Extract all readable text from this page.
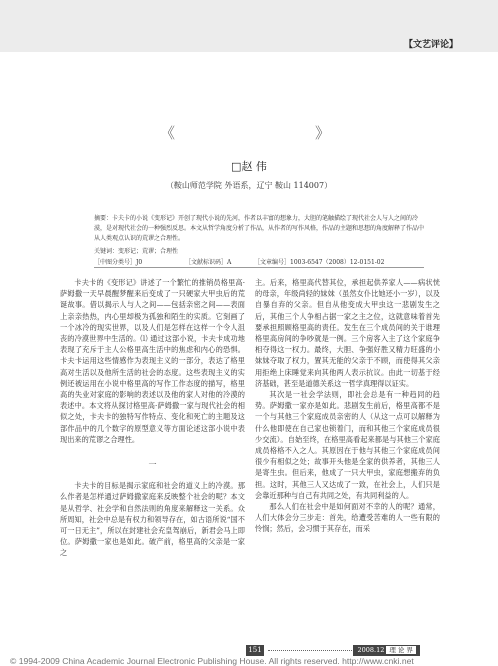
【文艺评论】
《	》
□赵 伟
（鞍山师范学院 外语系，辽宁 鞍山 114007）
摘要：卡夫卡的小说《变形记》开创了现代小说的先河，作者以丰富的想象力，大胆的笔触描绘了现代社会人与人之间的冷漠，是对现代社会的一种强烈反思。本文从哲学角度分析了作品，从作者的写作风格，作品的主题和思想的角度解释了作品中从人类观点认识的荒谬之合理性。
关键词：变形记；荒谬；合理性
［中图分类号］J0	［文献标识码］A	［文章编号］1003-6547（2008）12-0151-02

卡夫卡的《变形记》讲述了一个繁忙的推销员格里高·萨姆撒一天早晨醒梦醒来后变成了一只硬家大甲虫后的荒诞故事。借以揭示人与人之间——包括亲密之间——表面上亲亲热热，内心里却极为孤独和陌生的实质。它刻画了一个冰冷的现实世界，以及人们是怎样在这样一个令人沮丧的冷漠世界中生活的。⑴ 通过这部小说，卡夫卡成功地表现了充斥于主人公格里高生活中的焦虑和内心的恐惧。卡夫卡运用这些情感作为表现主义的一部分，表达了格里高对生活以及他所生活的社会的态度。这些表现主义的实例还被运用在小说中格里高的写作工作态度的描写，格里高的失业对家庭的影响的表述以及他的家人对他的冷漠的表述中。本文将从探讨格里高·萨姆撒一家与现代社会的相似之处，卡夫卡的独特写作特点、变化和死亡的主题及这部作品中的几个数字的原型意义等方面论述这部小说中表现出来的荒谬之合理性。

一

卡夫卡的目标是揭示家庭和社会的道义上的冷漠。那么作者是怎样通过萨姆撒家庭来反映整个社会的呢？本文是从哲学、社会学和自然法则的角度来解释这一关系。众所周知，社会中总是有权力和领导存在，如古语所说“国不可一日无主”，所以在封建社会充皇驾崩后，新君会马上即位。萨姆撒一家也是如此。破产前，格里高的父亲是一家之

主。后来，格里高代替其位，承担起供养家人——病状恍的母亲，年级尚轻的妹妹（虽然女仆比她还小一岁），以及自暴自弃的父亲。但自从他变成大甲虫这一悲剧发生之后，其他三个人争相占据一家之主之位，这就意味着首先要承担照顾格里高的责任。发生在三个成员间的关于谁理格里高房间的争吵就是一例。三个房客入主了这个家庭争相夺得这一权力。最终，大胆、争强好胜又精力旺盛的小妹妹夺取了权力，置其无能的父亲于不顾，而使得其父亲用拒绝上床睡觉来向其他两人表示抗议。由此一切基于经济基础，甚至是道德关系这一哲学真理得以证实。

其次是一社会学法则，即社会总是有一种趋同的趋势。萨姆撒一家亦是如此。悲剧发生前后，格里高都不是一个与其他三个家庭成员亲密的人（从这一点可以解释为什么他即使在自己家也锁着门，而和其他三个家庭成员很少交流）。自始至终，在格里高看起来都是与其他三个家庭成员格格不入之人。其原因在于他与其他三个家庭成员间很少有相似之处；故事开头他是全家的供养者，其他三人是寄生虫。但后来，他成了一只大甲虫，家庭想搬弃的负担。这时，其他三人又达成了一致，在社会上，人们只是会靠近那种与自己有共同之处，有共同利益的人。

那么人们在社会中是如何面对不幸的人的呢？通常，人们大体会分三步走：首先，给遭受苦难的人一些有限的怜悯；然后，会习惯于其存在，而采

151	2008.12 理 论 界
© 1994-2009 China Academic Journal Electronic Publishing House. All rights reserved. http://www.cnki.net
